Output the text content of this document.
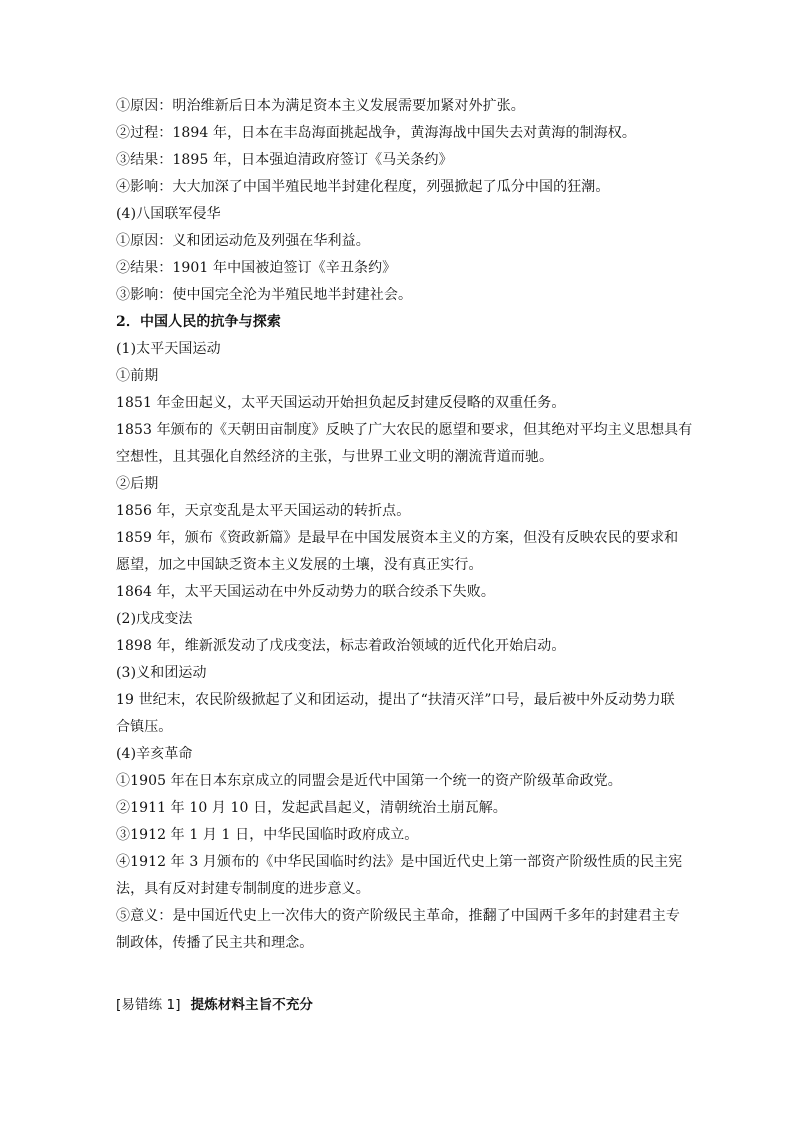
①原因：明治维新后日本为满足资本主义发展需要加紧对外扩张。
②过程：1894 年，日本在丰岛海面挑起战争，黄海海战中国失去对黄海的制海权。
③结果：1895 年，日本强迫清政府签订《马关条约》
④影响：大大加深了中国半殖民地半封建化程度，列强掀起了瓜分中国的狂潮。
(4)八国联军侵华
①原因：义和团运动危及列强在华利益。
②结果：1901 年中国被迫签订《辛丑条约》
③影响：使中国完全沦为半殖民地半封建社会。
2．中国人民的抗争与探索
(1)太平天国运动
①前期
1851 年金田起义，太平天国运动开始担负起反封建反侵略的双重任务。
1853 年颁布的《天朝田亩制度》反映了广大农民的愿望和要求，但其绝对平均主义思想具有
空想性，且其强化自然经济的主张，与世界工业文明的潮流背道而驰。
②后期
1856 年，天京变乱是太平天国运动的转折点。
1859 年，颁布《资政新篇》是最早在中国发展资本主义的方案，但没有反映农民的要求和
愿望，加之中国缺乏资本主义发展的土壤，没有真正实行。
1864 年，太平天国运动在中外反动势力的联合绞杀下失败。
(2)戊戌变法
1898 年，维新派发动了戊戌变法，标志着政治领域的近代化开始启动。
(3)义和团运动
19 世纪末，农民阶级掀起了义和团运动，提出了“扶清灭洋”口号，最后被中外反动势力联
合镇压。
(4)辛亥革命
①1905 年在日本东京成立的同盟会是近代中国第一个统一的资产阶级革命政党。
②1911 年 10 月 10 日，发起武昌起义，清朝统治土崩瓦解。
③1912 年 1 月 1 日，中华民国临时政府成立。
④1912 年 3 月颁布的《中华民国临时约法》是中国近代史上第一部资产阶级性质的民主宪
法，具有反对封建专制制度的进步意义。
⑤意义：是中国近代史上一次伟大的资产阶级民主革命，推翻了中国两千多年的封建君主专
制政体，传播了民主共和理念。
[易错练 1] 提炼材料主旨不充分
